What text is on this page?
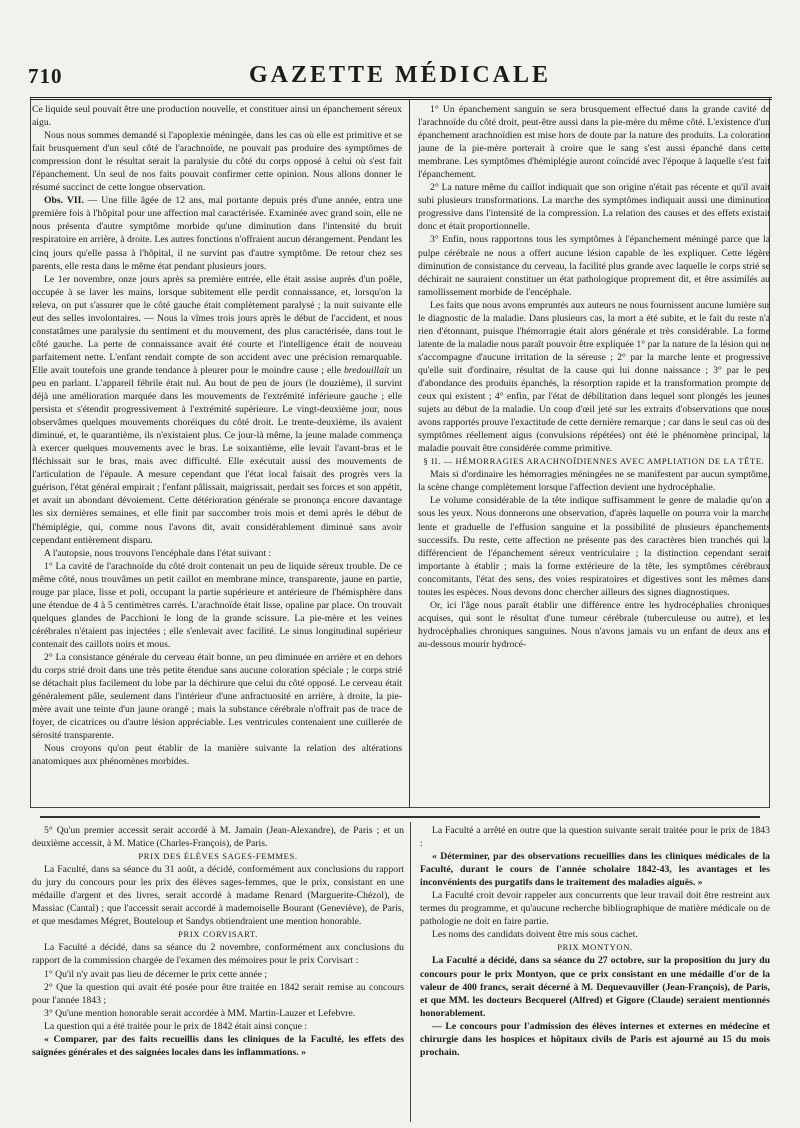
710	GAZETTE MÉDICALE

Ce liquide seul pouvait être une production nouvelle, et constituer ainsi un épanchement séreux aigu.

Nous nous sommes demandé si l'apoplexie méningée, dans les cas où elle est primitive et se fait brusquement d'un seul côté de l'arachnoïde, ne pouvait pas produire des symptômes de compression dont le résultat serait la paralysie du côté du corps opposé à celui où s'est fait l'épanchement. Un seul de nos faits pouvait confirmer cette opinion. Nous allons donner le résumé succinct de cette longue observation.

Obs. VII. — Une fille âgée de 12 ans, mal portante depuis près d'une année, entra une première fois à l'hôpital pour une affection mal caractérisée. Examinée avec grand soin, elle ne nous présenta d'autre symptôme morbide qu'une diminution dans l'intensité du bruit respiratoire en arrière, à droite. Les autres fonctions n'offraient aucun dérangement. Pendant les cinq jours qu'elle passa à l'hôpital, il ne survint pas d'autre symptôme. De retour chez ses parents, elle resta dans le même état pendant plusieurs jours.

Le 1er novembre, onze jours après sa première entrée, elle était assise auprès d'un poêle, occupée à se laver les mains, lorsque subitement elle perdit connaissance, et, lorsqu'on la releva, on put s'assurer que le côté gauche était complètement paralysé ; la nuit suivante elle eut des selles involontaires. — Nous la vîmes trois jours après le début de l'accident, et nous constatâmes une paralysie du sentiment et du mouvement, des plus caractérisée, dans tout le côté gauche. La perte de connaissance avait été courte et l'intelligence était de nouveau parfaitement nette. L'enfant rendait compte de son accident avec une précision remarquable. Elle avait toutefois une grande tendance à pleurer pour le moindre cause ; elle bredouillait un peu en parlant. L'appareil fébrile était nul. Au bout de peu de jours (le douzième), il survint déjà une amélioration marquée dans les mouvements de l'extrémité inférieure gauche ; elle persista et s'étendit progressivement à l'extrémité supérieure. Le vingt-deuxième jour, nous observâmes quelques mouvements choréiques du côté droit. Le trente-deuxième, ils avaient diminué, et, le quarantième, ils n'existaient plus. Ce jour-là même, la jeune malade commença à exercer quelques mouvements avec le bras. Le soixantième, elle levait l'avant-bras et le fléchissait sur le bras, mais avec difficulté. Elle exécutait aussi des mouvements de l'articulation de l'épaule. A mesure cependant que l'état local faisait des progrès vers la guérison, l'état général empirait ; l'enfant pâlissait, maigrissait, perdait ses forces et son appétit, et avait un abondant dévoiement. Cette détérioration générale se prononça encore davantage les six dernières semaines, et elle finit par succomber trois mois et demi après le début de l'hémiplégie, qui, comme nous l'avons dit, avait considérablement diminué sans avoir cependant entièrement disparu.

A l'autopsie, nous trouvons l'encéphale dans l'état suivant :

1° La cavité de l'arachnoïde du côté droit contenait un peu de liquide séreux trouble. De ce même côté, nous trouvâmes un petit caillot en membrane mince, transparente, jaune en partie, rouge par place, lisse et poli, occupant la partie supérieure et antérieure de l'hémisphère dans une étendue de 4 à 5 centimètres carrés. L'arachnoïde était lisse, opaline par place. On trouvait quelques glandes de Pacchioni le long de la grande scissure. La pie-mère et les veines cérébrales n'étaient pas injectées ; elle s'enlevait avec facilité. Le sinus longitudinal supérieur contenait des caillots noirs et mous.

2° La consistance générale du cerveau était bonne, un peu diminuée en arrière et en dehors du corps strié droit dans une très petite étendue sans aucune coloration spéciale ; le corps strié se détachait plus facilement du lobe par la déchirure que celui du côté opposé. Le cerveau était généralement pâle, seulement dans l'intérieur d'une anfractuosité en arrière, à droite, la pie-mère avait une teinte d'un jaune orangé ; mais la substance cérébrale n'offrait pas de trace de foyer, de cicatrices ou d'autre lésion appréciable. Les ventricules contenaient une cuillerée de sérosité transparente.

Nous croyons qu'on peut établir de la manière suivante la relation des altérations anatomiques aux phénomènes morbides.

1° Un épanchement sanguin se sera brusquement effectué dans la grande cavité de l'arachnoïde du côté droit, peut-être aussi dans la pie-mère du même côté. L'existence d'un épanchement arachnoïdien est mise hors de doute par la nature des produits. La coloration jaune de la pie-mère porterait à croire que le sang s'est aussi épanché dans cette membrane. Les symptômes d'hémiplégie auront coïncidé avec l'époque à laquelle s'est fait l'épanchement.

2° La nature même du caillot indiquait que son origine n'était pas récente et qu'il avait subi plusieurs transformations. La marche des symptômes indiquait aussi une diminution progressive dans l'intensité de la compression. La relation des causes et des effets existait donc et était proportionnelle.

3° Enfin, nous rapportons tous les symptômes à l'épanchement méningé parce que la pulpe cérébrale ne nous a offert aucune lésion capable de les expliquer. Cette légère diminution de consistance du cerveau, la facilité plus grande avec laquelle le corps strié se déchirait ne sauraient constituer un état pathologique proprement dit, et être assimilés au ramollissement morbide de l'encéphale.

Les faits que nous avons empruntés aux auteurs ne nous fournissent aucune lumière sur le diagnostic de la maladie. Dans plusieurs cas, la mort a été subite, et le fait du reste n'a rien d'étonnant, puisque l'hémorragie était alors générale et très considérable. La forme latente de la maladie nous paraît pouvoir être expliquée 1° par la nature de la lésion qui ne s'accompagne d'aucune irritation de la séreuse ; 2° par la marche lente et progressive qu'elle suit d'ordinaire, résultat de la cause qui lui donne naissance ; 3° par le peu d'abondance des produits épanchés, la résorption rapide et la transformation prompte de ceux qui existent ; 4° enfin, par l'état de débilitation dans lequel sont plongés les jeunes sujets au début de la maladie. Un coup d'œil jeté sur les extraits d'observations que nous avons rapportés prouve l'exactitude de cette dernière remarque ; car dans le seul cas où des symptômes réellement aigus (convulsions répétées) ont été le phénomène principal, la maladie pouvait être considérée comme primitive.

§ II. — HÉMORRAGIES ARACHNOÏDIENNES AVEC AMPLIATION DE LA TÊTE.

Mais si d'ordinaire les hémorragies méningées ne se manifestent par aucun symptôme, la scène change complètement lorsque l'affection devient une hydrocéphalie.

Le volume considérable de la tête indique suffisamment le genre de maladie qu'on a sous les yeux. Nous donnerons une observation, d'après laquelle on pourra voir la marche lente et graduelle de l'effusion sanguine et la possibilité de plusieurs épanchements successifs. Du reste, cette affection ne présente pas des caractères bien tranchés qui la différencient de l'épanchement séreux ventriculaire ; la distinction cependant serait importante à établir ; mais la forme extérieure de la tête, les symptômes cérébraux concomitants, l'état des sens, des voies respiratoires et digestives sont les mêmes dans toutes les espèces. Nous devons donc chercher ailleurs des signes diagnostiques.

Or, ici l'âge nous paraît établir une différence entre les hydrocéphalies chroniques acquises, qui sont le résultat d'une tumeur cérébrale (tuberculeuse ou autre), et les hydrocéphalies chroniques sanguines. Nous n'avons jamais vu un enfant de deux ans et au-dessous mourir hydrocé-

5° Qu'un premier accessit serait accordé à M. Jamain (Jean-Alexandre), de Paris ; et un deuxième accessit, à M. Matice (Charles-François), de Paris.

PRIX DES ÉLÈVES SAGES-FEMMES.

La Faculté, dans sa séance du 31 août, a décidé, conformément aux conclusions du rapport du jury du concours pour les prix des élèves sages-femmes, que le prix, consistant en une médaille d'argent et des livres, serait accordé à madame Renard (Marguerite-Chézol), de Massiac (Cantal) ; que l'accessit serait accordé à mademoiselle Bourant (Geneviève), de Paris, et que mesdames Mégret, Bouteloup et Sandys obtiendraient une mention honorable.

PRIX CORVISART.

La Faculté a décidé, dans sa séance du 2 novembre, conformément aux conclusions du rapport de la commission chargée de l'examen des mémoires pour le prix Corvisart :

1° Qu'il n'y avait pas lieu de décerner le prix cette année ;

2° Que la question qui avait été posée pour être traitée en 1842 serait remise au concours pour l'année 1843 ;

3° Qu'une mention honorable serait accordée à MM. Martin-Lauzer et Lefebvre.

La question qui a été traitée pour le prix de 1842 était ainsi conçue :

« Comparer, par des faits recueillis dans les cliniques de la Faculté, les effets des saignées générales et des saignées locales dans les inflammations. »

La Faculté a arrêté en outre que la question suivante serait traitée pour le prix de 1843 :

« Déterminer, par des observations recueillies dans les cliniques médicales de la Faculté, durant le cours de l'année scholaire 1842-43, les avantages et les inconvénients des purgatifs dans le traitement des maladies aiguës. »

La Faculté croit devoir rappeler aux concurrents que leur travail doit être restreint aux termes du programme, et qu'aucune recherche bibliographique de matière médicale ou de pathologie ne doit en faire partie.

Les noms des candidats doivent être mis sous cachet.

PRIX MONTYON.

La Faculté a décidé, dans sa séance du 27 octobre, sur la proposition du jury du concours pour le prix Montyon, que ce prix consistant en une médaille d'or de la valeur de 400 francs, serait décerné à M. Dequevauviller (Jean-François), de Paris, et que MM. les docteurs Becquerel (Alfred) et Gigore (Claude) seraient mentionnés honorablement.

— Le concours pour l'admission des élèves internes et externes en médecine et chirurgie dans les hospices et hôpitaux civils de Paris est ajourné au 15 du mois prochain.
